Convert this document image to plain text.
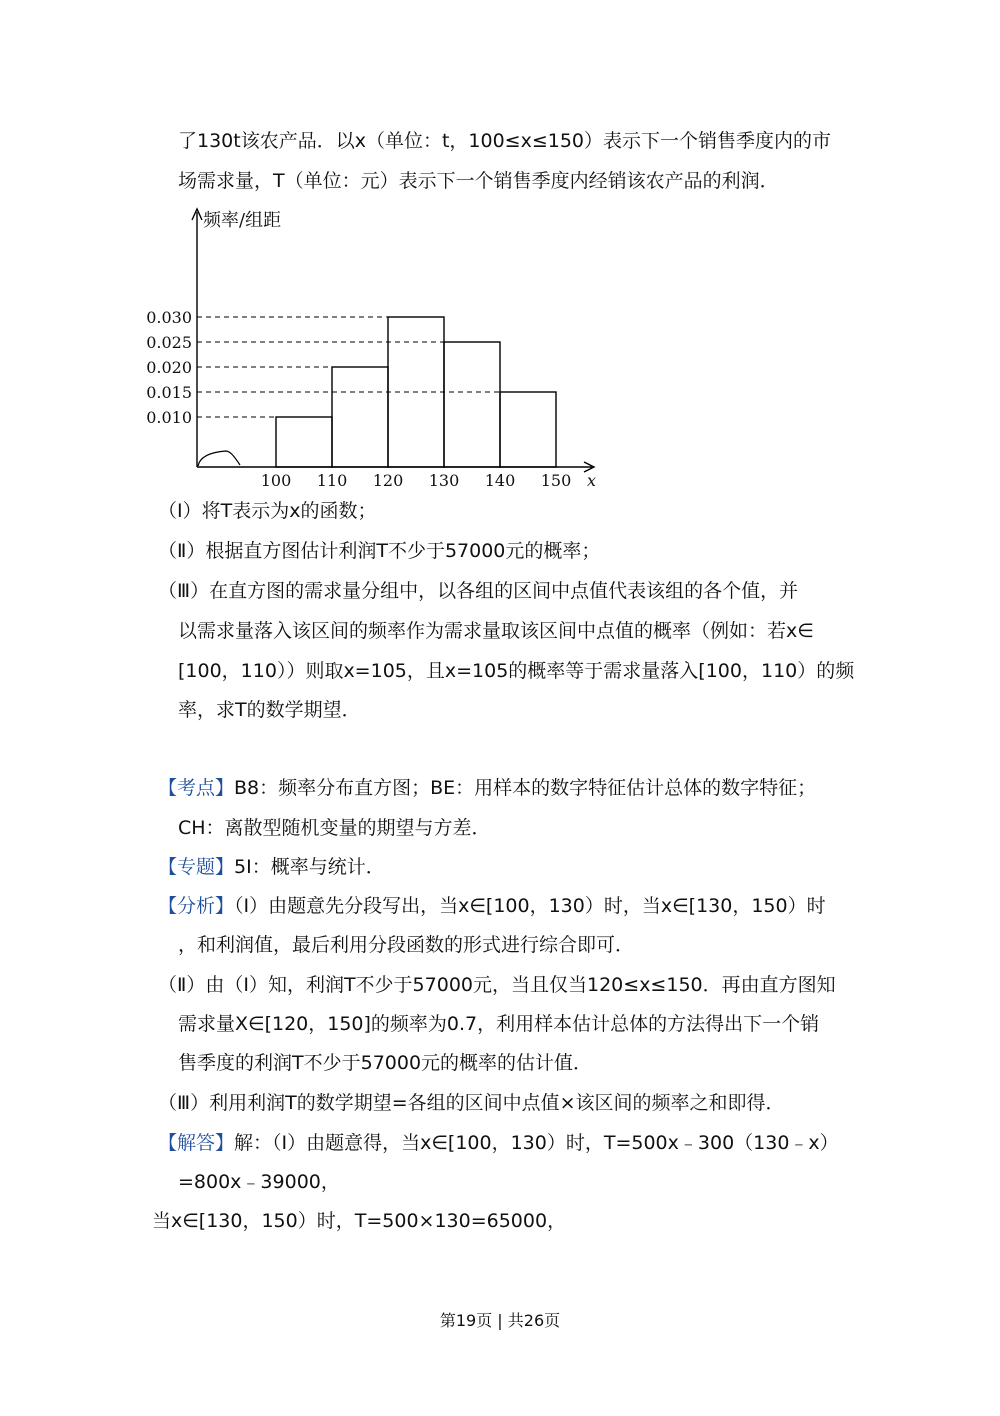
了130t该农产品．以x（单位：t，100≤x≤150）表示下一个销售季度内的市
场需求量，T（单位：元）表示下一个销售季度内经销该农产品的利润．
频率/组距
0.010
0.015
0.020
0.025
0.030
100 110 120 130 140 150 x
（Ⅰ）将T表示为x的函数；
（Ⅱ）根据直方图估计利润T不少于57000元的概率；
（Ⅲ）在直方图的需求量分组中，以各组的区间中点值代表该组的各个值，并
以需求量落入该区间的频率作为需求量取该区间中点值的概率（例如：若x∈
[100，110））则取x=105，且x=105的概率等于需求量落入[100，110）的频
率，求T的数学期望．
【考点】B8：频率分布直方图；BE：用样本的数字特征估计总体的数字特征；
CH：离散型随机变量的期望与方差．
【专题】5I：概率与统计．
【分析】（Ⅰ）由题意先分段写出，当x∈[100，130）时，当x∈[130，150）时
，和利润值，最后利用分段函数的形式进行综合即可．
（Ⅱ）由（I）知，利润T不少于57000元，当且仅当120≤x≤150．再由直方图知
需求量X∈[120，150]的频率为0.7，利用样本估计总体的方法得出下一个销
售季度的利润T不少于57000元的概率的估计值．
（Ⅲ）利用利润T的数学期望=各组的区间中点值×该区间的频率之和即得．
【解答】解：（Ⅰ）由题意得，当x∈[100，130）时，T=500x﹣300（130﹣x）
=800x﹣39000，
当x∈[130，150）时，T=500×130=65000，
第19页 | 共26页
